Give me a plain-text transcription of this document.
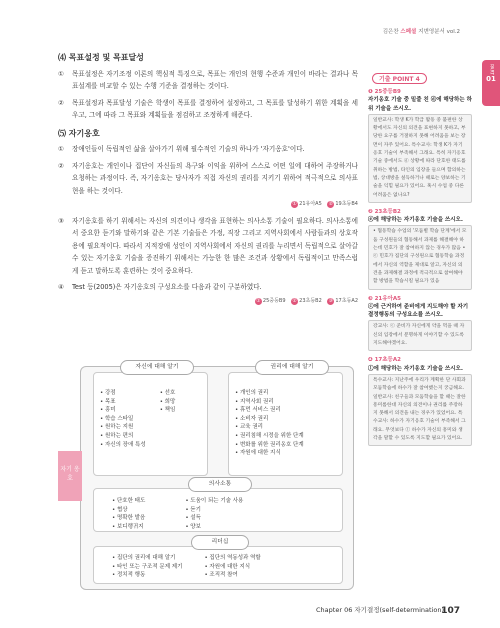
김은찬 스페셜 지변영분서 vol.2
PART
01
⑷ 목표설정 및 목표달성
① 목표설정은 자기조정 이론의 핵심적 특징으로, 목표는 개인의 현행 수준과 개인이 바라는 결과나 목표설계를 비교할 수 있는 수행 기준을 결정하는 것이다.
② 목표설정과 목표달성 기술은 학생이 목표를 결정하여 설정하고, 그 목표를 달성하기 위한 계획을 세우고, 그에 따라 그 목표와 계획들을 점검하고 조정하게 해준다.
⑸ 자기옹호
① 장애인들이 독립적인 삶을 살아가기 위해 필수적인 기술의 하나가 '자기옹호'이다.
② 자기옹호는 개인이나 집단이 자신들의 욕구와 이익을 위하여 스스로 어떤 일에 대하여 주장하거나 요청하는 과정이다. 즉, 자기옹호는 당사자가 직접 자신의 권리를 지키기 위하여 적극적으로 의사표현을 하는 것이다.
① 21유아A5 ② 19초등B4
③ 자기옹호를 하기 위해서는 자신의 의견이나 생각을 표현하는 의사소통 기술이 필요하다. 의사소통에서 중요한 듣기와 말하기와 같은 기본 기술들은 가정, 직장 그리고 지역사회에서 사람들과의 상호작용에 필요적이다. 따라서 지적장애 성인이 지역사회에서 자신의 권리를 누리면서 독립적으로 살아갈 수 있는 자기옹호 기술을 증진하기 위해서는 가능한 한 많은 조건과 상황에서 독립적이고 만족스럽게 듣고 말하도록 훈련하는 것이 중요하다.
④ Test 등(2005)은 자기옹호의 구성요소를 다음과 같이 구분하였다.
① 25중등B9 ② 23초등B2 ③ 17초등A2
자기 옹호
• 강점
• 목표
• 흥미
• 학습 스타일
• 원하는 지원
• 원하는 편의
• 자신의 장애 특성
• 선호
• 희망
• 책임
자신에 대해 알기
• 개인의 권리
• 지역사회 권리
• 휴먼 서비스 권리
• 소비자 권리
• 교육 권리
• 권리침해 시정을 위한 단계
• 변화를 위한 권리옹호 단계
• 자원에 대한 지식
권리에 대해 알기
• 단호한 태도
• 협상
• 명확한 발음
• 보디랭귀지
• 도움이 되는 기술 사용
• 듣기
• 설득
• 양보
의사소통
• 집단의 권리에 대해 알기
• 타인 또는 구조적 문제 제기
• 정치적 행동
• 집단의 역동성과 역할
• 자원에 대한 지식
• 조직적 참여
리더십
기출 POINT 4
❶ 25중등B9
자기옹호 기술 중 밑줄 친 ⓓ에 해당하는 하위 기술을 쓰시오.
일반교사: 학생 K가 학급 활동 중 불편한 상황에서도 자신의 의견을 표현하지 못하고, 부당한 요구를 거절하지 못해 어려움을 보는 장면이 자주 있어요. 특수교사: 학생 K가 자기옹호 기술이 부족해서 그래요. 특히 자기옹호 기술 중에서도 ⓓ 상황에 따라 단호한 태도를 취하는 방법, 타인의 입장을 들으며 합의하는 법, 상대방을 설득하거나 때로는 양보하는 기술을 익힐 필요가 있어요. 혹시 수업 중 다른 어려움은 없나요?
❷ 23초등B2
ⓔ에 해당하는 자기옹호 기술을 쓰시오.
• 협동학습 수업의 '모둠별 학습 단계'에서 모둠 구성원들의 협동해서 과제를 해결해야 하는데 민호가 잘 참여하지 않는 경우가 많음 • ⓔ 민호가 집단의 구성원으로 협동학습 과정에서 자신의 역할을 제대로 알고, 자신의 의견을 과제해결 과정에 적극적으로 참여해야 할 방법을 학습시킬 필요가 있음
❸ 21유아A5
ⓒ에 근거하여 준비에게 지도해야 할 자기결정행동의 구성요소를 쓰시오.
강교사: ⓒ 준비가 자신에게 약을 먹을 때 자신의 입장에서 분명하게 이야기할 수 있도록 지도해야겠어요.
❹ 17초등A2
ⓛ에 해당하는 자기옹호 기술을 쓰시오.
특수교사: 지난주에 우리가 계획한 단 사회과 모둠학습에 하수가 잘 참여했는지 궁금해요. 일반교사: 친구들과 모둠학습을 할 때는 잘한 흥미롭한대 자신의 의견이나 권리를 주장하지 못해서 의견을 내는 경우가 있었어요. 특수교사: 하수가 자기옹호 기술이 부족해서 그래요. 무엇보다 ⓛ 하수가 자신의 흥미와 생각을 말할 수 있도록 지도할 필요가 있어요.
Chapter 06 자기결정(self-determination)
107
